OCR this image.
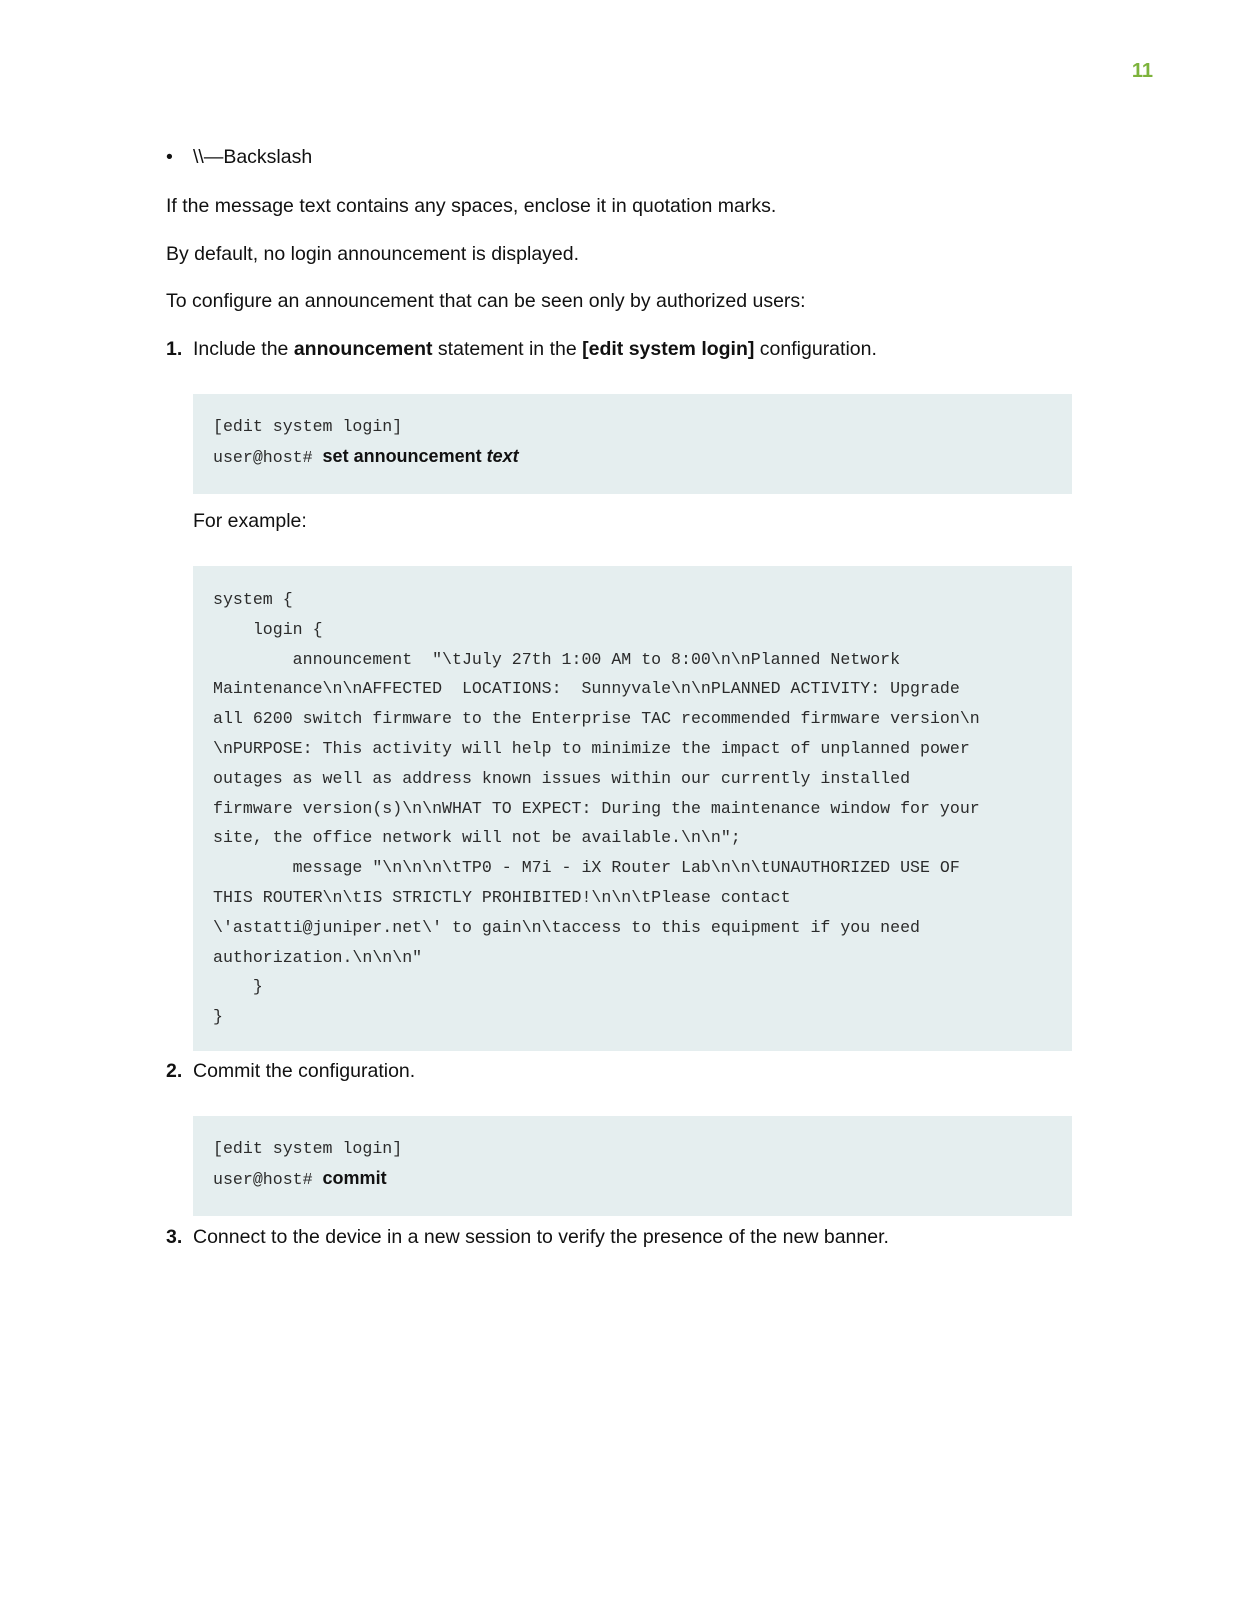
11
• \\—Backslash
If the message text contains any spaces, enclose it in quotation marks.
By default, no login announcement is displayed.
To configure an announcement that can be seen only by authorized users:
1. Include the announcement statement in the [edit system login] configuration.
[edit system login]
user@host# set announcement text
For example:
system {
login {
announcement  "\tJuly 27th 1:00 AM to 8:00\n\nPlanned Network
Maintenance\n\nAFFECTED  LOCATIONS:  Sunnyvale\n\nPLANNED ACTIVITY: Upgrade
all 6200 switch firmware to the Enterprise TAC recommended firmware version\n
\nPURPOSE: This activity will help to minimize the impact of unplanned power
outages as well as address known issues within our currently installed
firmware version(s)\n\nWHAT TO EXPECT: During the maintenance window for your
site, the office network will not be available.\n\n";
message "\n\n\n\tTP0 - M7i - iX Router Lab\n\n\tUNAUTHORIZED USE OF
THIS ROUTER\n\tIS STRICTLY PROHIBITED!\n\n\tPlease contact
\'astatti@juniper.net\' to gain\n\taccess to this equipment if you need
authorization.\n\n\n"
}
}
2. Commit the configuration.
[edit system login]
user@host# commit
3. Connect to the device in a new session to verify the presence of the new banner.
